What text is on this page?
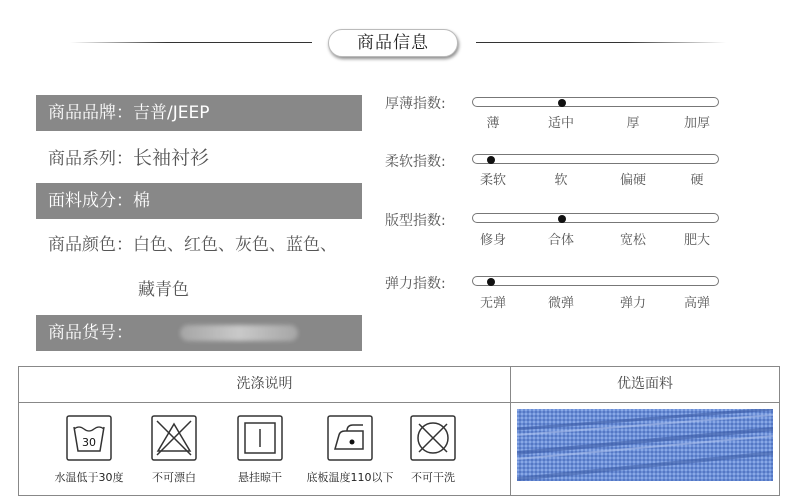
商品信息
商品品牌：吉普/JEEP
商品系列：长袖衬衫
面料成分：棉
商品颜色：白色、红色、灰色、蓝色、
藏青色
商品货号：
厚薄指数:
薄	适中	厚	加厚
柔软指数:
柔软	软	偏硬	硬
版型指数:
修身	合体	宽松	肥大
弹力指数:
无弹	微弹	弹力	高弹
洗涤说明	优选面料
30
水温低于30度	不可漂白	悬挂晾干 底板温度110以下 不可干洗
